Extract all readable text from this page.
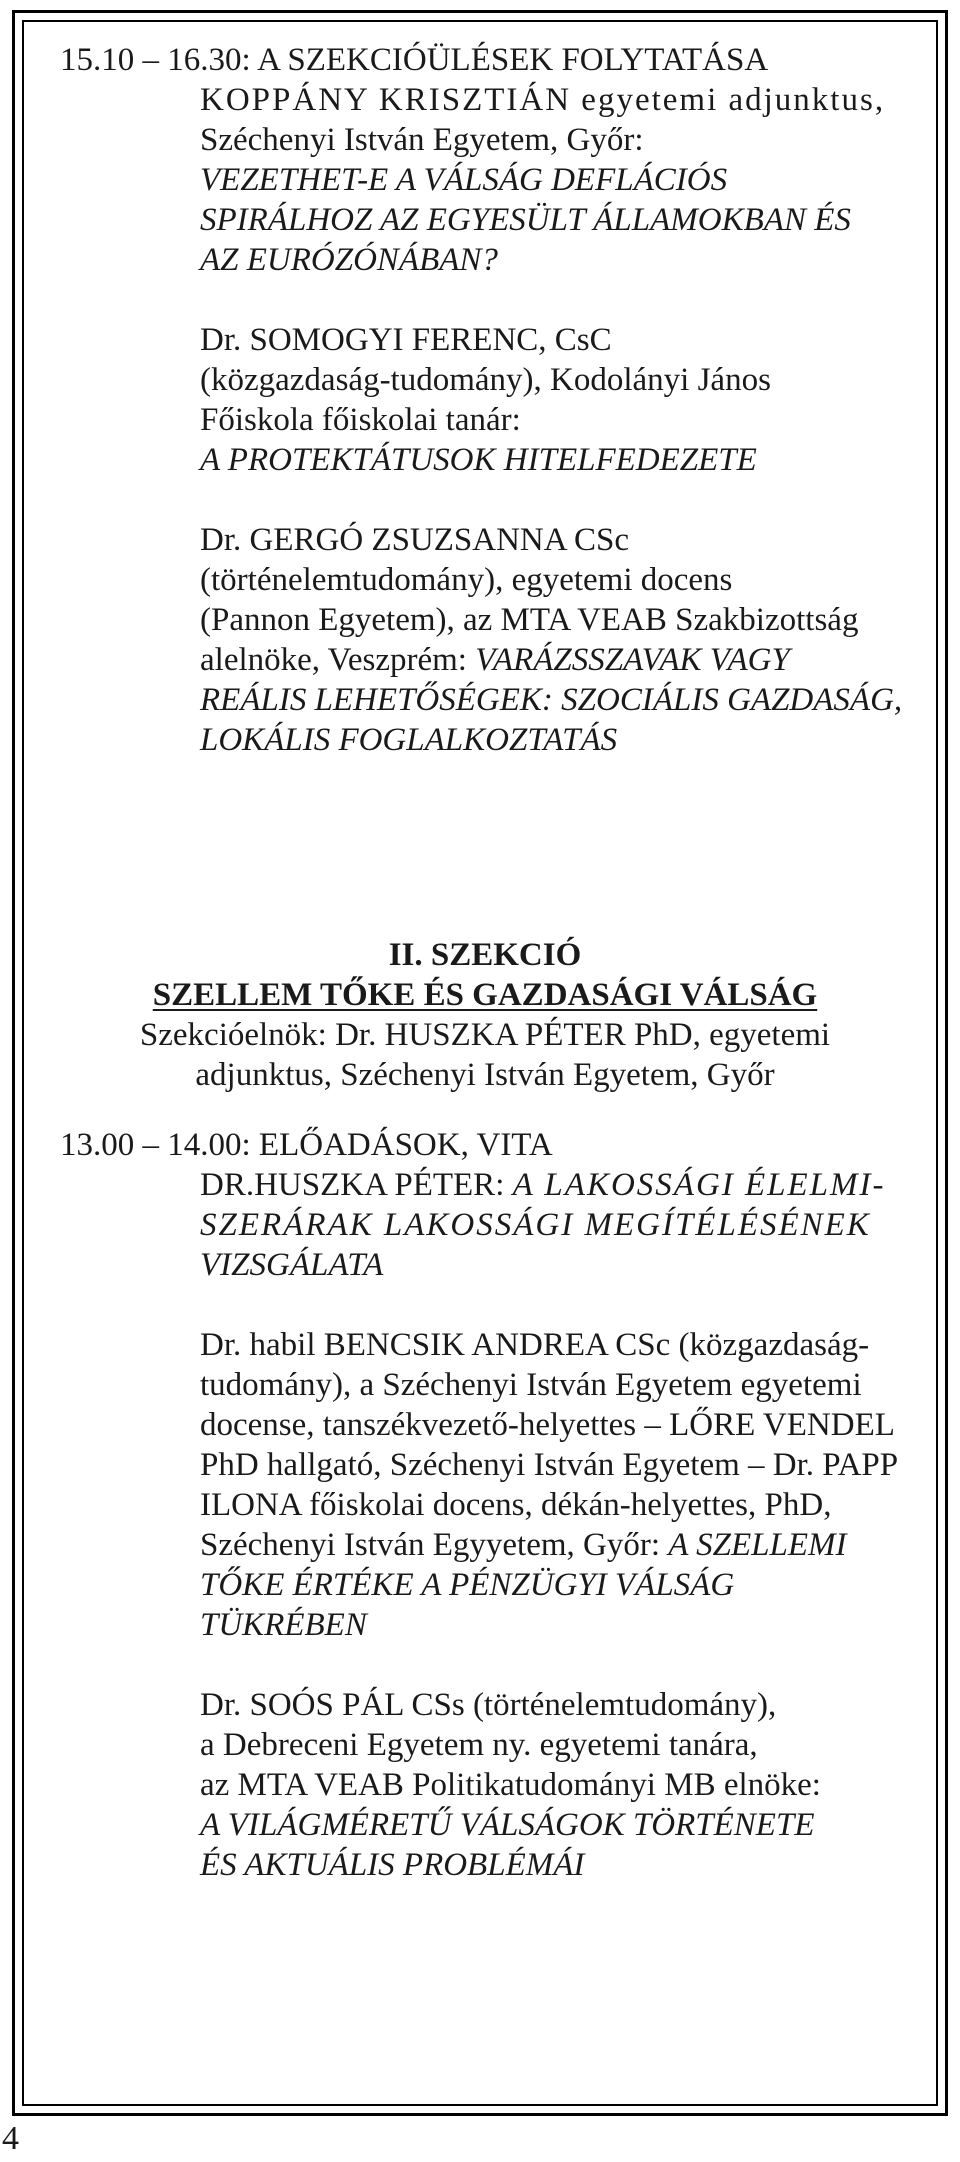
15.10 – 16.30: A SZEKCIÓÜLÉSEK FOLYTATÁSA
KOPPÁNY KRISZTIÁN egyetemi adjunktus,
Széchenyi István Egyetem, Győr:
VEZETHET-E A VÁLSÁG DEFLÁCIÓS
SPIRÁLHOZ AZ EGYESÜLT ÁLLAMOKBAN ÉS
AZ EURÓZÓNÁBAN?
Dr. SOMOGYI FERENC, CsC
(közgazdaság-tudomány), Kodolányi János
Főiskola főiskolai tanár:
A PROTEKTÁTUSOK HITELFEDEZETE
Dr. GERGÓ ZSUZSANNA CSc
(történelemtudomány), egyetemi docens
(Pannon Egyetem), az MTA VEAB Szakbizottság
alelnöke, Veszprém: VARÁZSSZAVAK VAGY
REÁLIS LEHETŐSÉGEK: SZOCIÁLIS GAZDASÁG,
LOKÁLIS FOGLALKOZTATÁS
II. SZEKCIÓ
SZELLEM TŐKE ÉS GAZDASÁGI VÁLSÁG
Szekcióelnök: Dr. HUSZKA PÉTER PhD, egyetemi
adjunktus, Széchenyi István Egyetem, Győr
13.00 – 14.00: ELŐADÁSOK, VITA
DR.HUSZKA PÉTER: A LAKOSSÁGI ÉLELMI-
SZERÁRAK LAKOSSÁGI MEGÍTÉLÉSÉNEK
VIZSGÁLATA
Dr. habil BENCSIK ANDREA CSc (közgazdaság-
tudomány), a Széchenyi István Egyetem egyetemi
docense, tanszékvezető-helyettes – LŐRE VENDEL
PhD hallgató, Széchenyi István Egyetem – Dr. PAPP
ILONA főiskolai docens, dékán-helyettes, PhD,
Széchenyi István Egyyetem, Győr: A SZELLEMI
TŐKE ÉRTÉKE A PÉNZÜGYI VÁLSÁG
TÜKRÉBEN
Dr. SOÓS PÁL CSs (történelemtudomány),
a Debreceni Egyetem ny. egyetemi tanára,
az MTA VEAB Politikatudományi MB elnöke:
A VILÁGMÉRETŰ VÁLSÁGOK TÖRTÉNETE
ÉS AKTUÁLIS PROBLÉMÁI
4
